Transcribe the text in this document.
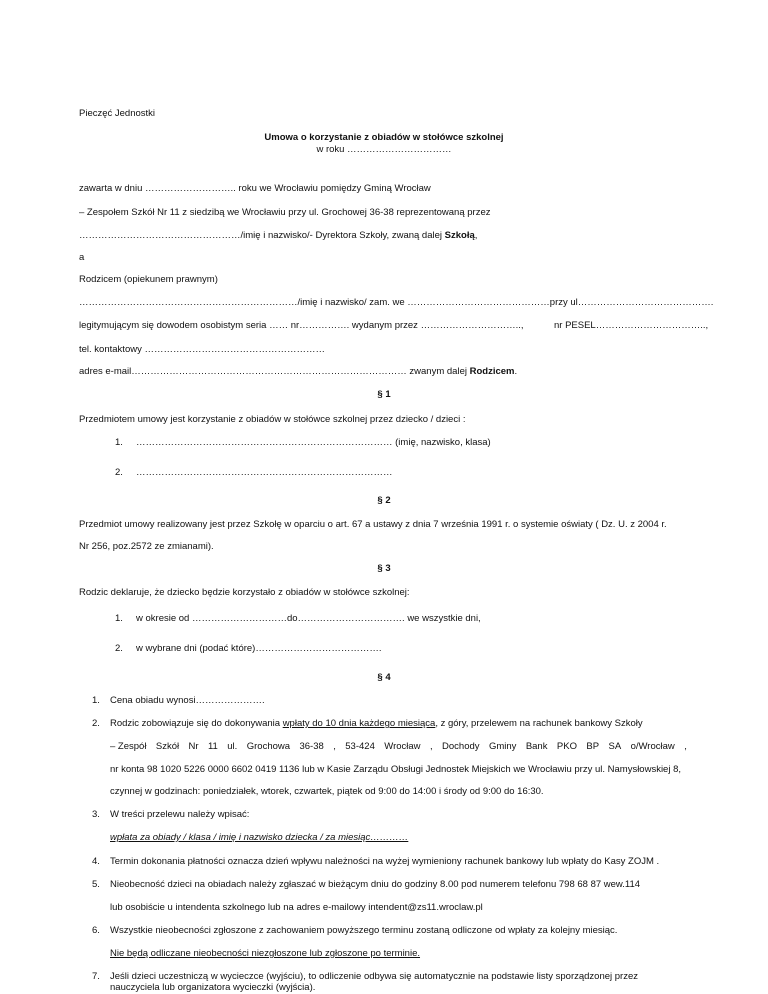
Pieczęć Jednostki
Umowa o korzystanie z obiadów w stołówce szkolnej
w roku ……………………………
zawarta w dniu ……………………….. roku we Wrocławiu pomiędzy Gminą Wrocław
– Zespołem Szkół Nr 11 z siedzibą we Wrocławiu przy ul. Grochowej 36-38 reprezentowaną przez
……………………………………………/imię i nazwisko/- Dyrektora Szkoły, zwaną dalej Szkołą,
a
Rodzicem (opiekunem prawnym)
……………………………………………………………/imię i nazwisko/ zam. we ………………………………………przy ul…………………………………….
legitymującym się dowodem osobistym seria …… nr……………. wydanym przez …………………………..,	nr PESEL……………………………..,
tel. kontaktowy …………………………………………………
adres e-mail…………………………………………………………………………… zwanym dalej Rodzicem.
§ 1
Przedmiotem umowy jest korzystanie z obiadów w stołówce szkolnej przez dziecko / dzieci :
1. ……………………………………………………………………… (imię, nazwisko, klasa)
2. ………………………………………………………………………
§ 2
Przedmiot umowy realizowany jest przez Szkołę w oparciu o art. 67 a ustawy z dnia 7 września 1991 r. o systemie oświaty ( Dz. U. z 2004 r.
Nr 256, poz.2572 ze zmianami).
§ 3
Rodzic deklaruje, że dziecko będzie korzystało z obiadów w stołówce szkolnej:
1. w okresie od …………………………do……………………………. we wszystkie dni,
2. w wybrane dni (podać które)………………………………….
§ 4
1. Cena obiadu wynosi………………….
2. Rodzic zobowiązuje się do dokonywania wpłaty do 10 dnia każdego miesiąca, z góry, przelewem na rachunek bankowy Szkoły
– Zespół Szkół Nr 11 ul. Grochowa 36-38 , 53-424 Wrocław , Dochody Gminy Bank PKO BP SA o/Wrocław ,
nr konta 98 1020 5226 0000 6602 0419 1136 lub w Kasie Zarządu Obsługi Jednostek Miejskich we Wrocławiu przy ul. Namysłowskiej 8,
czynnej w godzinach: poniedziałek, wtorek, czwartek, piątek od 9:00 do 14:00 i środy od 9:00 do 16:30.
3. W treści przelewu należy wpisać:
wpłata za obiady / klasa / imię i nazwisko dziecka / za miesiąc…………
4. Termin dokonania płatności oznacza dzień wpływu należności na wyżej wymieniony rachunek bankowy lub wpłaty do Kasy ZOJM .
5. Nieobecność dzieci na obiadach należy zgłaszać w bieżącym dniu do godziny 8.00 pod numerem telefonu 798 68 87 wew.114
lub osobiście u intendenta szkolnego lub na adres e-mailowy intendent@zs11.wroclaw.pl
6. Wszystkie nieobecności zgłoszone z zachowaniem powyższego terminu zostaną odliczone od wpłaty za kolejny miesiąc.
Nie będą odliczane nieobecności niezgłoszone lub zgłoszone po terminie.
7. Jeśli dzieci uczestniczą w wycieczce (wyjściu), to odliczenie odbywa się automatycznie na podstawie listy sporządzonej przez
nauczyciela lub organizatora wycieczki (wyjścia).
